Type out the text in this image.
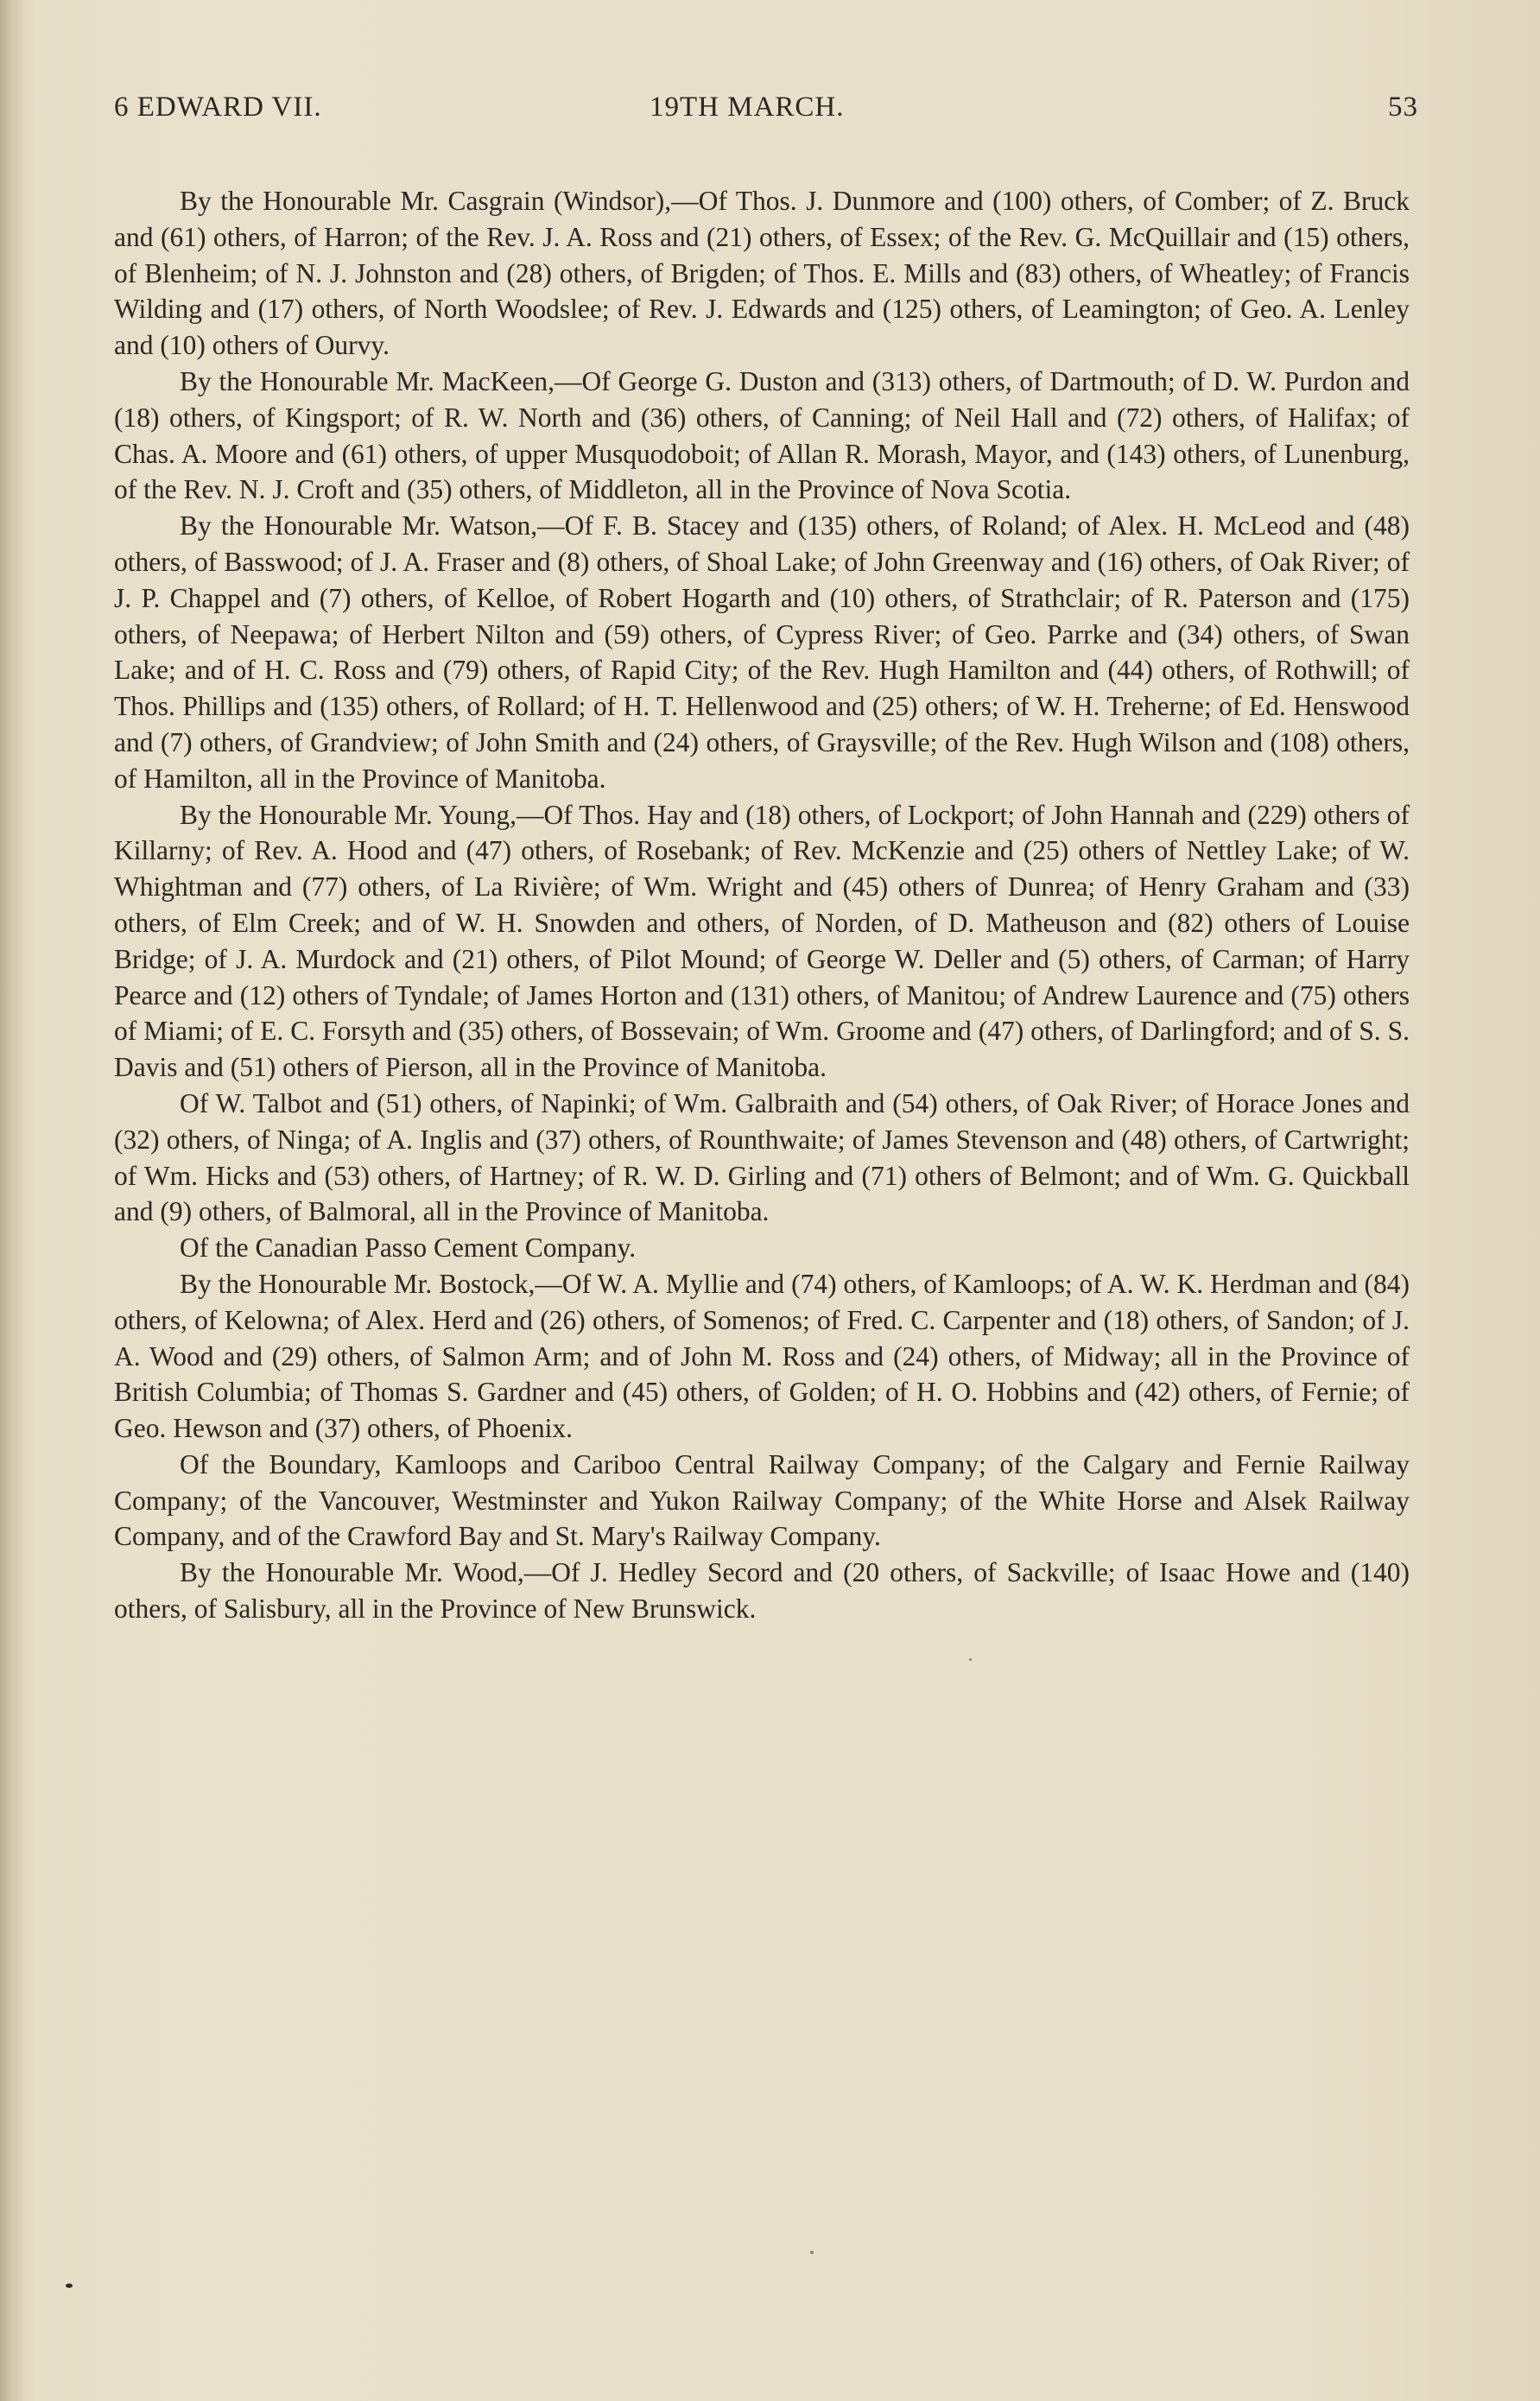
6 EDWARD VII.	19TH MARCH.	53

By the Honourable Mr. Casgrain (Windsor),—Of Thos. J. Dunmore and (100) others, of Comber; of Z. Bruck and (61) others, of Harron; of the Rev. J. A. Ross and (21) others, of Essex; of the Rev. G. McQuillair and (15) others, of Blenheim; of N. J. Johnston and (28) others, of Brigden; of Thos. E. Mills and (83) others, of Wheatley; of Francis Wilding and (17) others, of North Woodslee; of Rev. J. Edwards and (125) others, of Leamington; of Geo. A. Lenley and (10) others of Ourvy.

By the Honourable Mr. MacKeen,—Of George G. Duston and (313) others, of Dartmouth; of D. W. Purdon and (18) others, of Kingsport; of R. W. North and (36) others, of Canning; of Neil Hall and (72) others, of Halifax; of Chas. A. Moore and (61) others, of upper Musquodoboit; of Allan R. Morash, Mayor, and (143) others, of Lunenburg, of the Rev. N. J. Croft and (35) others, of Middleton, all in the Province of Nova Scotia.

By the Honourable Mr. Watson,—Of F. B. Stacey and (135) others, of Roland; of Alex. H. McLeod and (48) others, of Basswood; of J. A. Fraser and (8) others, of Shoal Lake; of John Greenway and (16) others, of Oak River; of J. P. Chappel and (7) others, of Kelloe, of Robert Hogarth and (10) others, of Strathclair; of R. Paterson and (175) others, of Neepawa; of Herbert Nilton and (59) others, of Cypress River; of Geo. Parrke and (34) others, of Swan Lake; and of H. C. Ross and (79) others, of Rapid City; of the Rev. Hugh Hamilton and (44) others, of Rothwill; of Thos. Phillips and (135) others, of Rollard; of H. T. Hellenwood and (25) others; of W. H. Treherne; of Ed. Henswood and (7) others, of Grandview; of John Smith and (24) others, of Graysville; of the Rev. Hugh Wilson and (108) others, of Hamilton, all in the Province of Manitoba.

By the Honourable Mr. Young,—Of Thos. Hay and (18) others, of Lockport; of John Hannah and (229) others of Killarny; of Rev. A. Hood and (47) others, of Rosebank; of Rev. McKenzie and (25) others of Nettley Lake; of W. Whightman and (77) others, of La Rivière; of Wm. Wright and (45) others of Dunrea; of Henry Graham and (33) others, of Elm Creek; and of W. H. Snowden and others, of Norden, of D. Matheuson and (82) others of Louise Bridge; of J. A. Murdock and (21) others, of Pilot Mound; of George W. Deller and (5) others, of Carman; of Harry Pearce and (12) others of Tyndale; of James Horton and (131) others, of Manitou; of Andrew Laurence and (75) others of Miami; of E. C. Forsyth and (35) others, of Bossevain; of Wm. Groome and (47) others, of Darlingford; and of S. S. Davis and (51) others of Pierson, all in the Province of Manitoba.

Of W. Talbot and (51) others, of Napinki; of Wm. Galbraith and (54) others, of Oak River; of Horace Jones and (32) others, of Ninga; of A. Inglis and (37) others, of Rounthwaite; of James Stevenson and (48) others, of Cartwright; of Wm. Hicks and (53) others, of Hartney; of R. W. D. Girling and (71) others of Belmont; and of Wm. G. Quickball and (9) others, of Balmoral, all in the Province of Manitoba.

Of the Canadian Passo Cement Company.

By the Honourable Mr. Bostock,—Of W. A. Myllie and (74) others, of Kamloops; of A. W. K. Herdman and (84) others, of Kelowna; of Alex. Herd and (26) others, of Somenos; of Fred. C. Carpenter and (18) others, of Sandon; of J. A. Wood and (29) others, of Salmon Arm; and of John M. Ross and (24) others, of Midway; all in the Province of British Columbia; of Thomas S. Gardner and (45) others, of Golden; of H. O. Hobbins and (42) others, of Fernie; of Geo. Hewson and (37) others, of Phoenix.

Of the Boundary, Kamloops and Cariboo Central Railway Company; of the Calgary and Fernie Railway Company; of the Vancouver, Westminster and Yukon Railway Company; of the White Horse and Alsek Railway Company, and of the Crawford Bay and St. Mary's Railway Company.

By the Honourable Mr. Wood,—Of J. Hedley Secord and (20 others, of Sackville; of Isaac Howe and (140) others, of Salisbury, all in the Province of New Brunswick.
